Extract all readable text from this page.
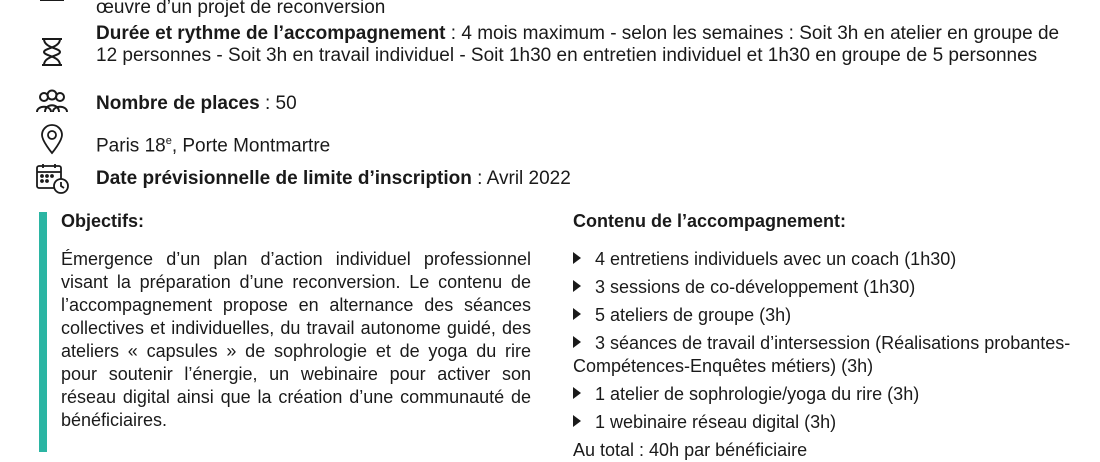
œuvre d’un projet de reconversion
Durée et rythme de l’accompagnement : 4 mois maximum - selon les semaines : Soit 3h en atelier en groupe de 12 personnes - Soit 3h en travail individuel - Soit 1h30 en entretien individuel et 1h30 en groupe de 5 personnes
Nombre de places : 50
Paris 18e, Porte Montmartre
Date prévisionnelle de limite d’inscription : Avril 2022
Objectifs:

Émergence d’un plan d’action individuel professionnel visant la préparation d’une reconversion. Le contenu de l’accompagnement propose en alternance des séances collectives et individuelles, du travail autonome guidé, des ateliers « capsules » de sophrologie et de yoga du rire pour soutenir l’énergie, un webinaire pour activer son réseau digital ainsi que la création d’une communauté de bénéficiaires.

Contenu de l’accompagnement:
4 entretiens individuels avec un coach (1h30)
3 sessions de co-développement (1h30)
5 ateliers de groupe (3h)
3 séances de travail d’intersession (Réalisations probantes-Compétences-Enquêtes métiers) (3h)
1 atelier de sophrologie/yoga du rire (3h)
1 webinaire réseau digital (3h)
Au total : 40h par bénéficiaire
